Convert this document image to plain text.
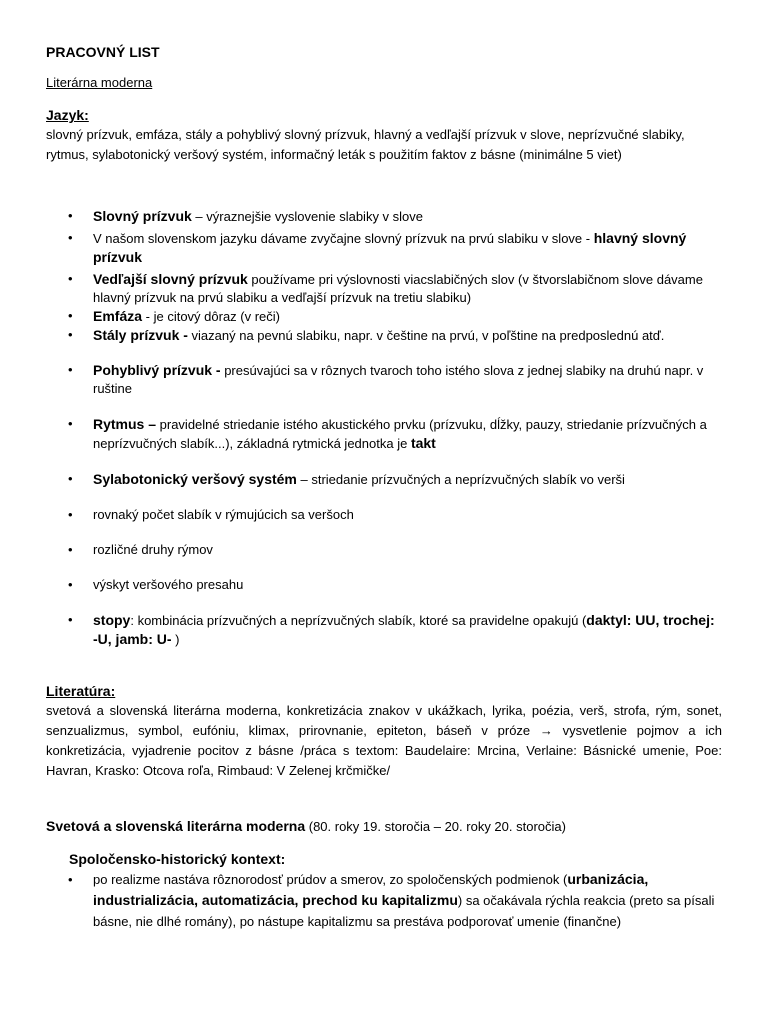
PRACOVNÝ LIST
Literárna moderna
Jazyk:
slovný prízvuk, emfáza, stály a pohyblivý slovný prízvuk, hlavný a vedľajší prízvuk v slove, neprízvučné slabiky, rytmus, sylabotonický veršový systém, informačný leták s použitím faktov z básne (minimálne 5 viet)
• Slovný prízvuk – výraznejšie vyslovenie slabiky v slove
• V našom slovenskom jazyku dávame zvyčajne slovný prízvuk na prvú slabiku v slove - hlavný slovný prízvuk
• Vedľajší slovný prízvuk používame pri výslovnosti viacslabičných slov (v štvorslabičnom slove dávame hlavný prízvuk na prvú slabiku a vedľajší prízvuk na tretiu slabiku)
• Emfáza - je citový dôraz (v reči)
• Stály prízvuk - viazaný na pevnú slabiku, napr. v češtine na prvú, v poľštine na predposlednú atď.
• Pohyblivý prízvuk - presúvajúci sa v rôznych tvaroch toho istého slova z jednej slabiky na druhú napr. v ruštine
• Rytmus – pravidelné striedanie istého akustického prvku (prízvuku, dĺžky, pauzy, striedanie prízvučných a neprízvučných slabík...), základná rytmická jednotka je takt
• Sylabotonický veršový systém – striedanie prízvučných a neprízvučných slabík vo verši
• rovnaký počet slabík v rýmujúcich sa veršoch
• rozličné druhy rýmov
• výskyt veršového presahu
• stopy: kombinácia prízvučných a neprízvučných slabík, ktoré sa pravidelne opakujú (daktyl: UU, trochej: -U, jamb: U- )
Literatúra:
svetová a slovenská literárna moderna, konkretizácia znakov v ukážkach, lyrika, poézia, verš, strofa, rým, sonet, senzualizmus, symbol, eufóniu, klimax, prirovnanie, epiteton, báseň v próze → vysvetlenie pojmov a ich konkretizácia, vyjadrenie pocitov z básne /práca s textom: Baudelaire: Mrcina, Verlaine: Básnické umenie, Poe: Havran, Krasko: Otcova roľa, Rimbaud: V Zelenej krčmičke/
Svetová a slovenská literárna moderna (80. roky 19. storočia – 20. roky 20. storočia)
Spoločensko-historický kontext:
• po realizme nastáva rôznorodosť prúdov a smerov, zo spoločenských podmienok (urbanizácia, industrializácia, automatizácia, prechod ku kapitalizmu) sa očakávala rýchla reakcia (preto sa písali básne, nie dlhé romány), po nástupe kapitalizmu sa prestáva podporovať umenie (finančne)
